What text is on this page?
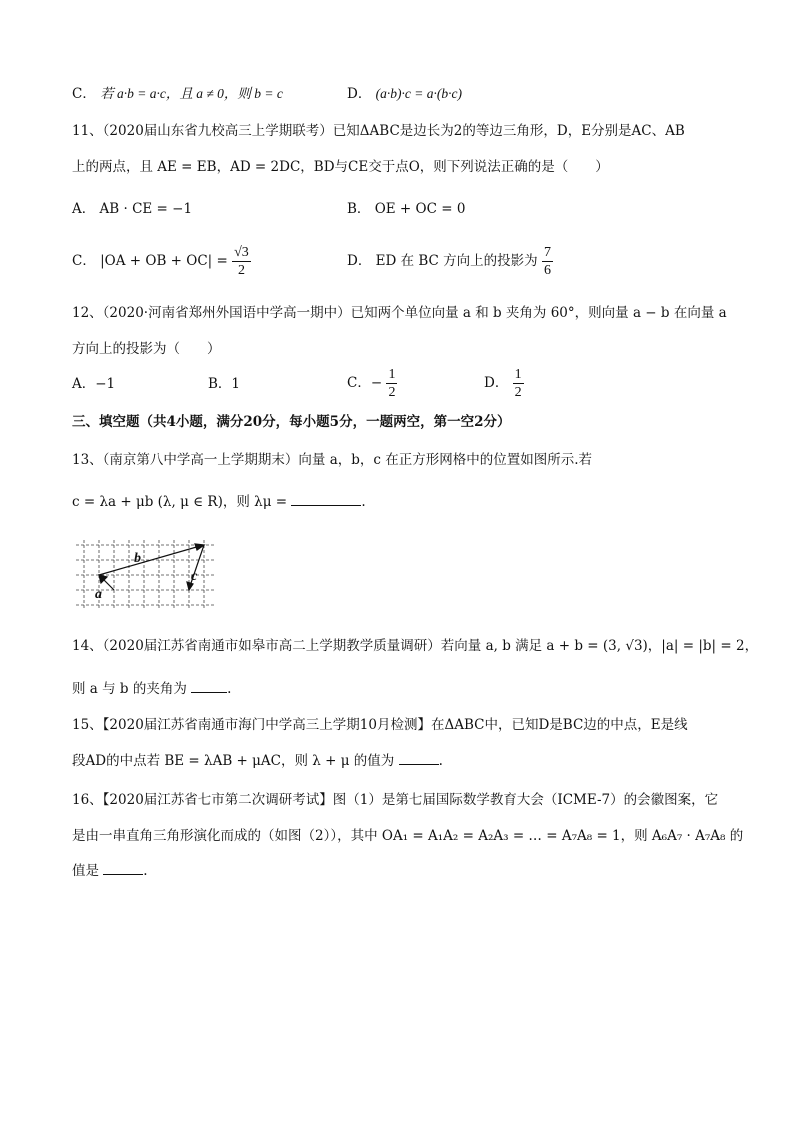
C． 若 a·b = a·c，且 a ≠ 0，则 b = c	D． (a·b)·c = a·(b·c)
11、（2020届山东省九校高三上学期联考）已知ΔABC是边长为2的等边三角形，D，E分别是AC、AB
上的两点，且 AE = EB，AD = 2DC，BD与CE交于点O，则下列说法正确的是（　　）
A． AB · CE = −1	B． OE + OC = 0
C． |OA + OB + $OC| = \frac{√3}{2}$	D． ED 在 BC 方向上的投影为 $\frac{7}{6}$
12、（2020·河南省郑州外国语中学高一期中）已知两个单位向量 a 和 b 夹角为 60°，则向量 a − b 在向量 a
方向上的投影为（　　）
A．−1	B．1	C．− $\frac{1}{2}$	D． $\frac{1}{2}$
三、填空题（共4小题，满分20分，每小题5分，一题两空，第一空2分）
13、（南京第八中学高一上学期期末）向量 a，b，c 在正方形网格中的位置如图所示.若
c = λa + μb (λ, μ ∈ R)，则 λμ =	.
b
a
c
14、（2020届江苏省南通市如皋市高二上学期教学质量调研）若向量 a, b 满足 a + b = (3, √3)，|a| = |b| = 2，
则 a 与 b 的夹角为	.
15、【2020届江苏省南通市海门中学高三上学期10月检测】在ΔABC中，已知D是BC边的中点，E是线
段AD的中点若 BE = λAB + μAC，则 λ + μ 的值为	.
16、【2020届江苏省七市第二次调研考试】图（1）是第七届国际数学教育大会（ICME-7）的会徽图案，它
是由一串直角三角形演化而成的（如图（2）），其中 OA₁ = A₁A₂ = A₂A₃ = … = A₇A₈ = 1，则 A₆A₇ · A₇A₈ 的
值是	.
